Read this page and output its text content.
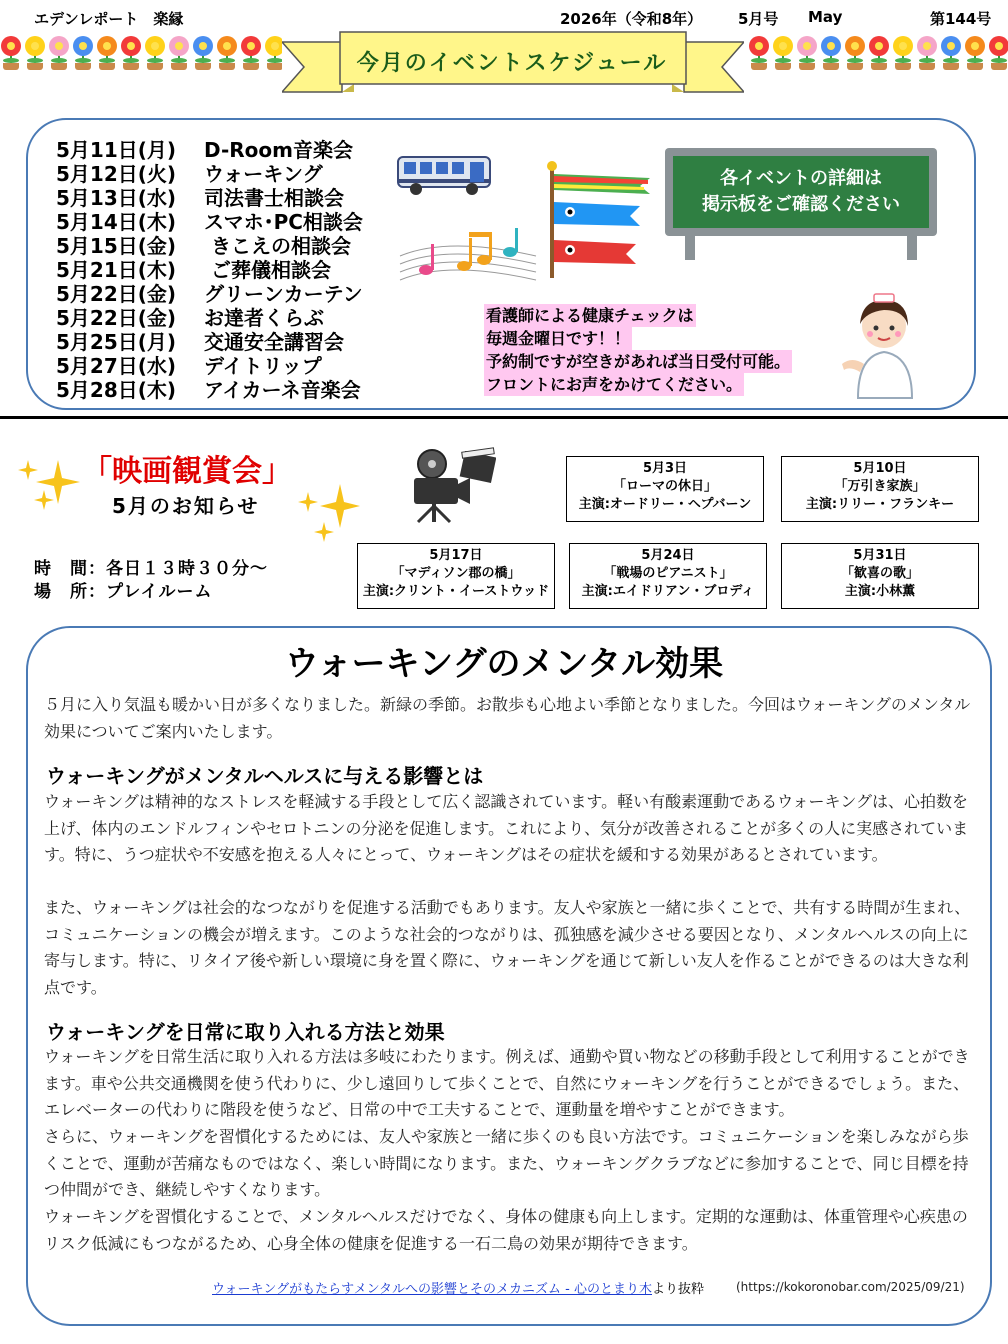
エデンレポート　楽縁	2026年（令和8年） 5月号 May	第144号
今月のイベントスケジュール
5月11日(月)	D-Room音楽会
5月12日(火)	ウォーキング
5月13日(水)	司法書士相談会
5月14日(木)	スマホ･PC相談会
5月15日(金)	きこえの相談会
5月21日(木)	ご葬儀相談会
5月22日(金)	グリーンカーテン
5月22日(金)	お達者くらぶ
5月25日(月)	交通安全講習会
5月27日(水)	デイトリップ
5月28日(木)	アイカーネ音楽会
各イベントの詳細は
掲示板をご確認ください
看護師による健康チェックは
毎週金曜日です！！
予約制ですが空きがあれば当日受付可能。
フロントにお声をかけてください。
「映画観賞会」
5月のお知らせ
時　間：各日１３時３０分～
場　所：プレイルーム
5月3日
「ローマの休日」
主演:オードリー・ヘプバーン
5月10日
「万引き家族」
主演:リリー・フランキー
5月17日
「マディソン郡の橋」
主演:クリント・イーストウッド
5月24日
「戦場のピアニスト」
主演:エイドリアン・ブロディ
5月31日
「歓喜の歌」
主演:小林薫
ウォーキングのメンタル効果
５月に入り気温も暖かい日が多くなりました。新緑の季節。お散歩も心地よい季節となりました。今回はウォーキングのメンタル効果についてご案内いたします。
ウォーキングがメンタルヘルスに与える影響とは
ウォーキングは精神的なストレスを軽減する手段として広く認識されています。軽い有酸素運動であるウォーキングは、心拍数を上げ、体内のエンドルフィンやセロトニンの分泌を促進します。これにより、気分が改善されることが多くの人に実感されています。特に、うつ症状や不安感を抱える人々にとって、ウォーキングはその症状を緩和する効果があるとされています。
また、ウォーキングは社会的なつながりを促進する活動でもあります。友人や家族と一緒に歩くことで、共有する時間が生まれ、コミュニケーションの機会が増えます。このような社会的つながりは、孤独感を減少させる要因となり、メンタルヘルスの向上に寄与します。特に、リタイア後や新しい環境に身を置く際に、ウォーキングを通じて新しい友人を作ることができるのは大きな利点です。
ウォーキングを日常に取り入れる方法と効果
ウォーキングを日常生活に取り入れる方法は多岐にわたります。例えば、通勤や買い物などの移動手段として利用することができます。車や公共交通機関を使う代わりに、少し遠回りして歩くことで、自然にウォーキングを行うことができるでしょう。また、エレベーターの代わりに階段を使うなど、日常の中で工夫することで、運動量を増やすことができます。
さらに、ウォーキングを習慣化するためには、友人や家族と一緒に歩くのも良い方法です。コミュニケーションを楽しみながら歩くことで、運動が苦痛なものではなく、楽しい時間になります。また、ウォーキングクラブなどに参加することで、同じ目標を持つ仲間ができ、継続しやすくなります。
ウォーキングを習慣化することで、メンタルヘルスだけでなく、身体の健康も向上します。定期的な運動は、体重管理や心疾患のリスク低減にもつながるため、心身全体の健康を促進する一石二鳥の効果が期待できます。
ウォーキングがもたらすメンタルへの影響とそのメカニズム - 心のとまり木より抜粋	(https://kokoronobar.com/2025/09/21)
